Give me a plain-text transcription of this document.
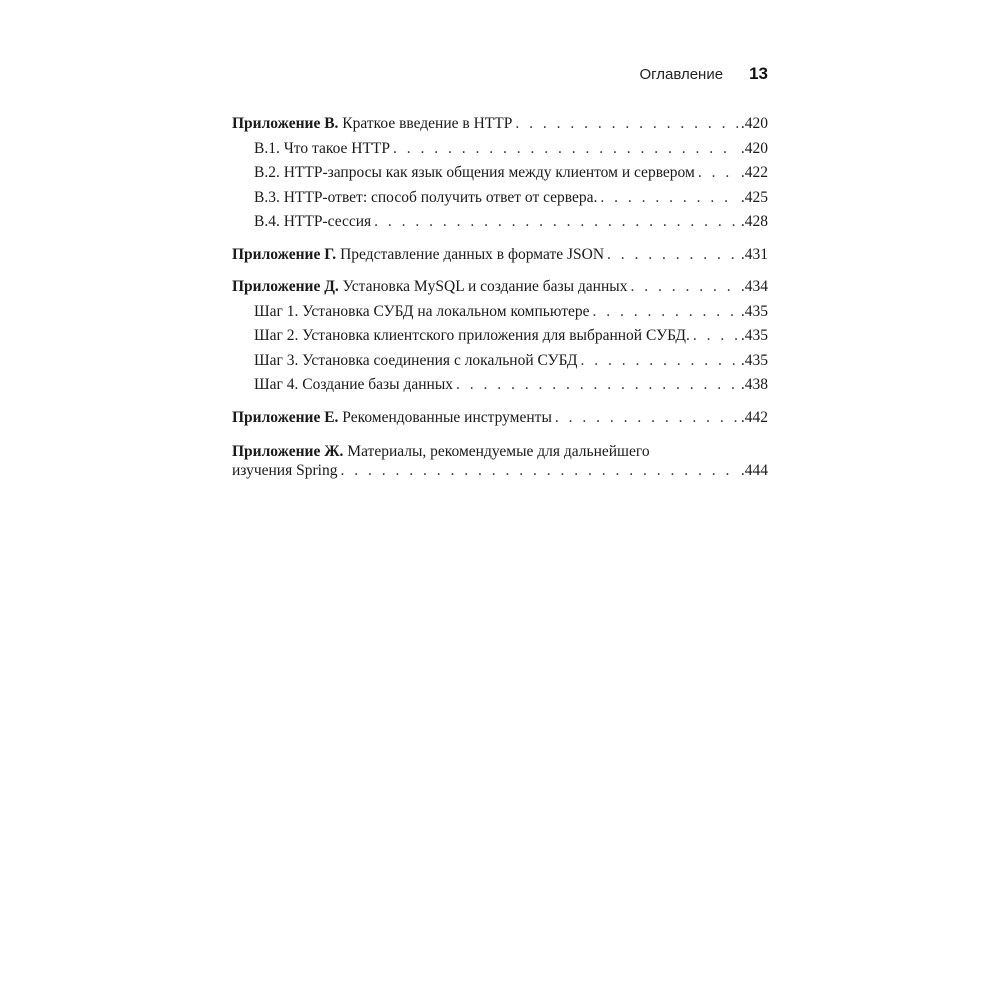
Оглавление 13
Приложение В. Краткое введение в HTTP . . .	.420
В.1. Что такое HTTP . . .	.420
В.2. HTTP-запросы как язык общения между клиентом и сервером . . .	.422
В.3. HTTP-ответ: способ получить ответ от сервера. . . .	.425
В.4. HTTP-сессия . . .	.428
Приложение Г. Представление данных в формате JSON . . .	.431
Приложение Д. Установка MySQL и создание базы данных . . .	.434
Шаг 1. Установка СУБД на локальном компьютере . . .	.435
Шаг 2. Установка клиентского приложения для выбранной СУБД. . . .	.435
Шаг 3. Установка соединения с локальной СУБД . . .	.435
Шаг 4. Создание базы данных . . .	.438
Приложение Е. Рекомендованные инструменты . . .	.442
Приложение Ж. Материалы, рекомендуемые для дальнейшего
изучения Spring . . .	.444
